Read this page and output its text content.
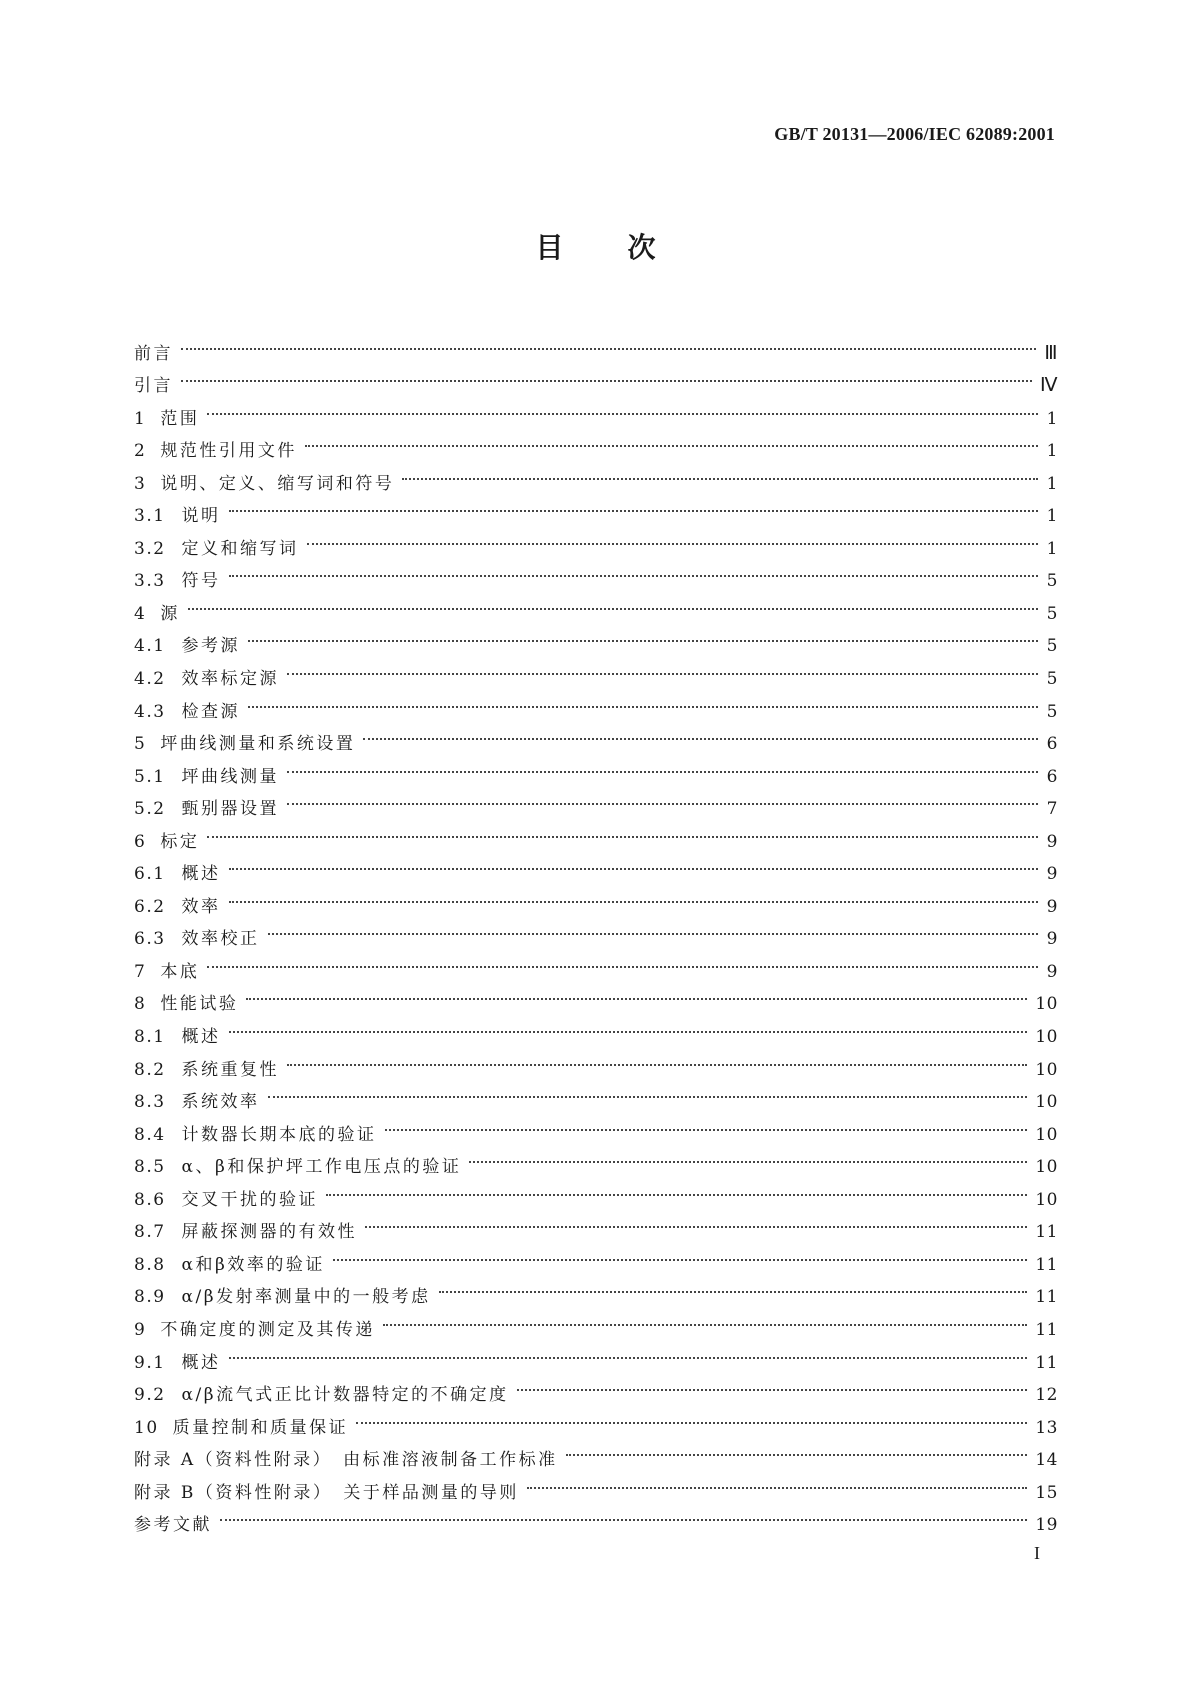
GB/T 20131—2006/IEC 62089:2001
目 次
前言	Ⅲ
引言	Ⅳ
1 范围	1
2 规范性引用文件	1
3 说明、定义、缩写词和符号	1
3.1 说明	1
3.2 定义和缩写词	1
3.3 符号	5
4 源	5
4.1 参考源	5
4.2 效率标定源	5
4.3 检查源	5
5 坪曲线测量和系统设置	6
5.1 坪曲线测量	6
5.2 甄别器设置	7
6 标定	9
6.1 概述	9
6.2 效率	9
6.3 效率校正	9
7 本底	9
8 性能试验	10
8.1 概述	10
8.2 系统重复性	10
8.3 系统效率	10
8.4 计数器长期本底的验证	10
8.5 α、β和保护坪工作电压点的验证	10
8.6 交叉干扰的验证	10
8.7 屏蔽探测器的有效性	11
8.8 α和β效率的验证	11
8.9 α/β发射率测量中的一般考虑	11
9 不确定度的测定及其传递	11
9.1 概述	11
9.2 α/β流气式正比计数器特定的不确定度	12
10 质量控制和质量保证	13
附录 A（资料性附录）　由标准溶液制备工作标准	14
附录 B（资料性附录）　关于样品测量的导则	15
参考文献	19
I
